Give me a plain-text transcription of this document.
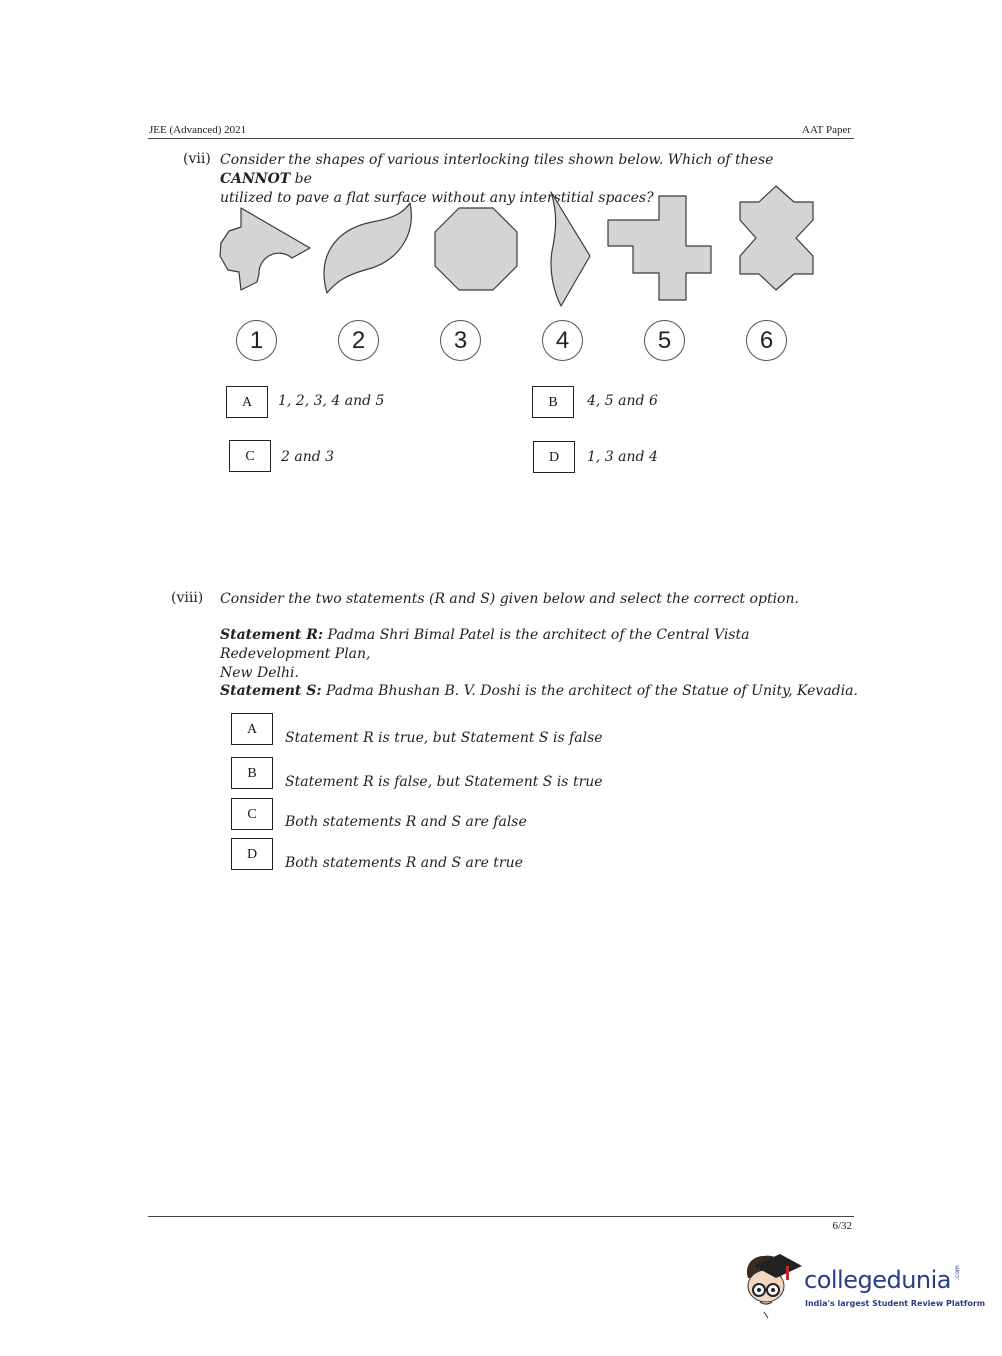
JEE (Advanced) 2021	AAT Paper
(vii) Consider the shapes of various interlocking tiles shown below. Which of these CANNOT be
utilized to pave a flat surface without any interstitial spaces?
1	2	3	4	5	6
A	1, 2, 3, 4 and 5	B	4, 5 and 6
C	2 and 3	D	1, 3 and 4
(viii) Consider the two statements (R and S) given below and select the correct option.
Statement R: Padma Shri Bimal Patel is the architect of the Central Vista Redevelopment Plan,
New Delhi.
Statement S: Padma Bhushan B. V. Doshi is the architect of the Statue of Unity, Kevadia.
A
Statement R is true, but Statement S is false
B
Statement R is false, but Statement S is true
C	Both statements R and S are false
D
Both statements R and S are true
6/32
collegedunia .com
India's largest Student Review Platform
